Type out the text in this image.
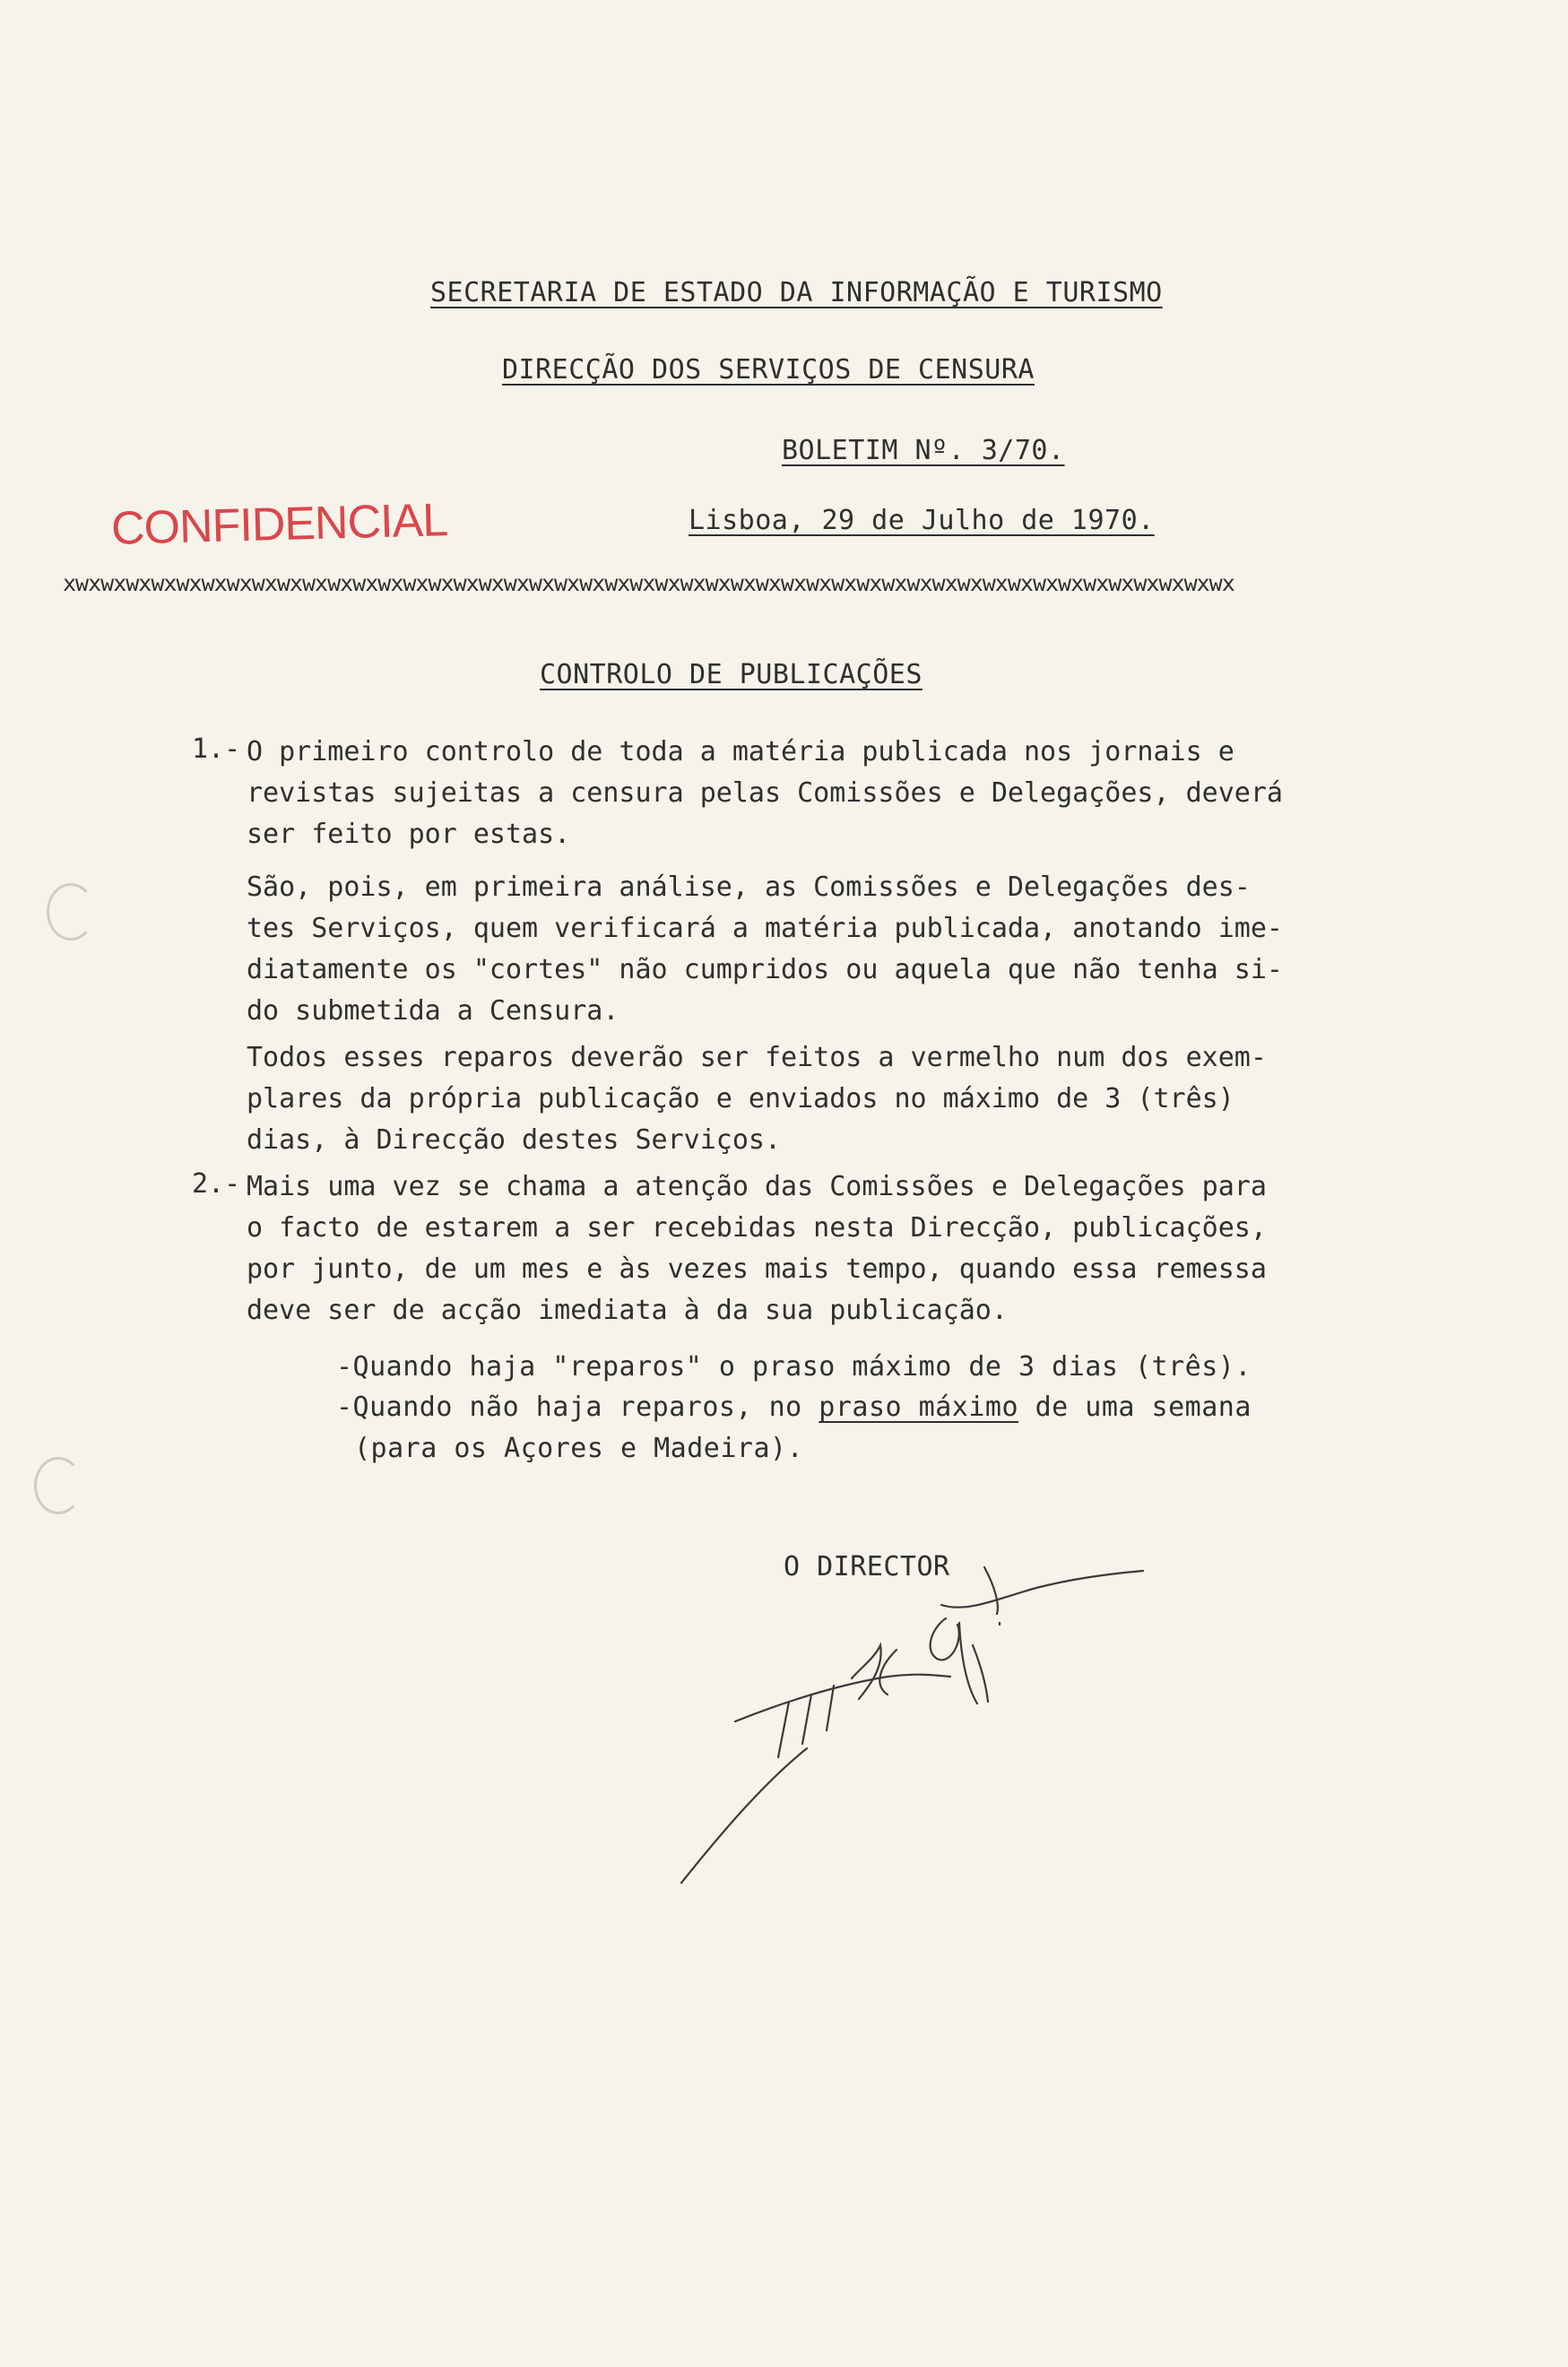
SECRETARIA DE ESTADO DA INFORMAÇÃO E TURISMO
DIRECÇÃO DOS SERVIÇOS DE CENSURA
BOLETIM Nº. 3/70.
CONFIDENCIAL	Lisboa, 29 de Julho de 1970.
xwxwxwxwxwxwxwxwxwxwxwxwxwxwxwxwxwxwxwxwxwxwxwxwxwxwxwxwxwxwxwxwxwxwxwxwxwxwxwxwxwxwxwxwxwxwx
CONTROLO DE PUBLICAÇÕES
1.- O primeiro controlo de toda a matéria publicada nos jornais e
revistas sujeitas a censura pelas Comissões e Delegações, deverá
ser feito por estas.
São, pois, em primeira análise, as Comissões e Delegações des-
tes Serviços, quem verificará a matéria publicada, anotando ime-
diatamente os "cortes" não cumpridos ou aquela que não tenha si-
do submetida a Censura.
Todos esses reparos deverão ser feitos a vermelho num dos exem-
plares da própria publicação e enviados no máximo de 3 (três)
dias, à Direcção destes Serviços.
2.- Mais uma vez se chama a atenção das Comissões e Delegações para
o facto de estarem a ser recebidas nesta Direcção, publicações,
por junto, de um mes e às vezes mais tempo, quando essa remessa
deve ser de acção imediata à da sua publicação.
-Quando haja "reparos" o praso máximo de 3 dias (três).
-Quando não haja reparos, no praso máximo de uma semana
(para os Açores e Madeira).
O DIRECTOR
